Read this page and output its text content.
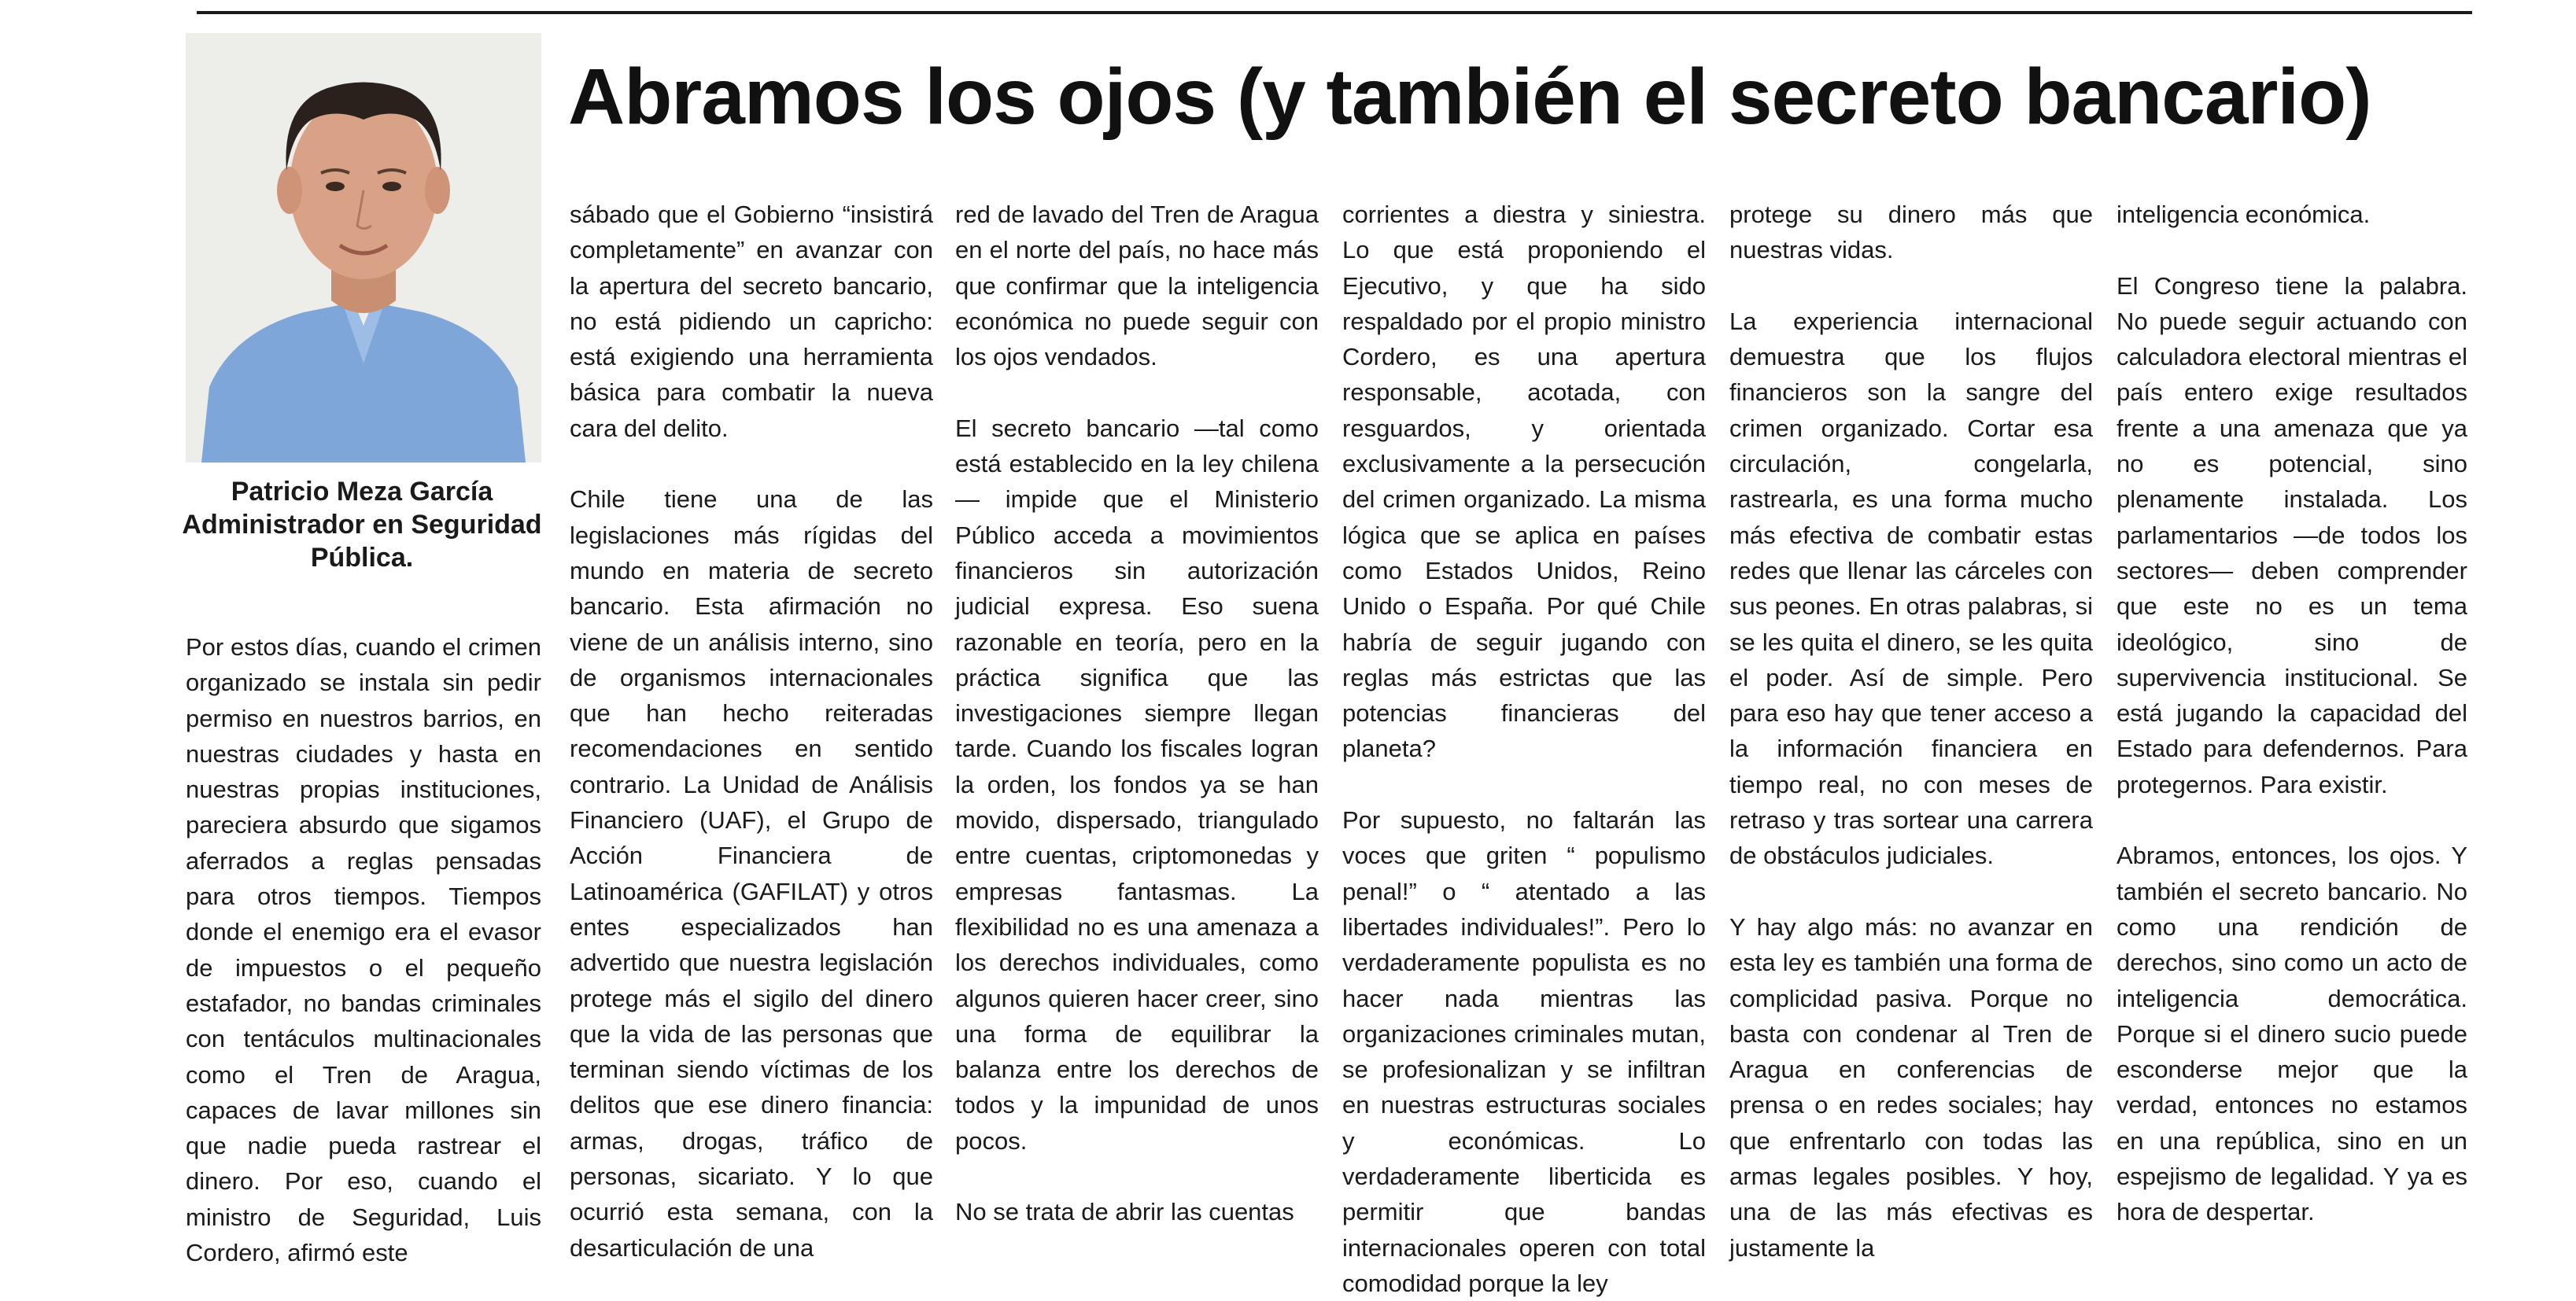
Patricio Meza García
Administrador en Seguridad Pública.
Abramos los ojos (y también el secreto bancario)

Por estos días, cuando el crimen organizado se instala sin pedir permiso en nuestros barrios, en nuestras ciudades y hasta en nuestras propias instituciones, pareciera absurdo que sigamos aferrados a reglas pensadas para otros tiempos. Tiempos donde el enemigo era el evasor de impuestos o el pequeño estafador, no bandas criminales con tentáculos multinacionales como el Tren de Aragua, capaces de lavar millones sin que nadie pueda rastrear el dinero. Por eso, cuando el ministro de Seguridad, Luis Cordero, afirmó este

sábado que el Gobierno “insistirá completamente” en avanzar con la apertura del secreto bancario, no está pidiendo un capricho: está exigiendo una herramienta básica para combatir la nueva cara del delito.

Chile tiene una de las legislaciones más rígidas del mundo en materia de secreto bancario. Esta afirmación no viene de un análisis interno, sino de organismos internacionales que han hecho reiteradas recomendaciones en sentido contrario. La Unidad de Análisis Financiero (UAF), el Grupo de Acción Financiera de Latinoamérica (GAFILAT) y otros entes especializados han advertido que nuestra legislación protege más el sigilo del dinero que la vida de las personas que terminan siendo víctimas de los delitos que ese dinero financia: armas, drogas, tráfico de personas, sicariato. Y lo que ocurrió esta semana, con la desarticulación de una

red de lavado del Tren de Aragua en el norte del país, no hace más que confirmar que la inteligencia económica no puede seguir con los ojos vendados.

El secreto bancario —tal como está establecido en la ley chilena— impide que el Ministerio Público acceda a movimientos financieros sin autorización judicial expresa. Eso suena razonable en teoría, pero en la práctica significa que las investigaciones siempre llegan tarde. Cuando los fiscales logran la orden, los fondos ya se han movido, dispersado, triangulado entre cuentas, criptomonedas y empresas fantasmas. La flexibilidad no es una amenaza a los derechos individuales, como algunos quieren hacer creer, sino una forma de equilibrar la balanza entre los derechos de todos y la impunidad de unos pocos.

No se trata de abrir las cuentas

corrientes a diestra y siniestra. Lo que está proponiendo el Ejecutivo, y que ha sido respaldado por el propio ministro Cordero, es una apertura responsable, acotada, con resguardos, y orientada exclusivamente a la persecución del crimen organizado. La misma lógica que se aplica en países como Estados Unidos, Reino Unido o España. Por qué Chile habría de seguir jugando con reglas más estrictas que las potencias financieras del planeta?

Por supuesto, no faltarán las voces que griten “ populismo penal!” o “ atentado a las libertades individuales!”. Pero lo verdaderamente populista es no hacer nada mientras las organizaciones criminales mutan, se profesionalizan y se infiltran en nuestras estructuras sociales y económicas. Lo verdaderamente liberticida es permitir que bandas internacionales operen con total comodidad porque la ley

protege su dinero más que nuestras vidas.

La experiencia internacional demuestra que los flujos financieros son la sangre del crimen organizado. Cortar esa circulación, congelarla, rastrearla, es una forma mucho más efectiva de combatir estas redes que llenar las cárceles con sus peones. En otras palabras, si se les quita el dinero, se les quita el poder. Así de simple. Pero para eso hay que tener acceso a la información financiera en tiempo real, no con meses de retraso y tras sortear una carrera de obstáculos judiciales.

Y hay algo más: no avanzar en esta ley es también una forma de complicidad pasiva. Porque no basta con condenar al Tren de Aragua en conferencias de prensa o en redes sociales; hay que enfrentarlo con todas las armas legales posibles. Y hoy, una de las más efectivas es justamente la

inteligencia económica.

El Congreso tiene la palabra. No puede seguir actuando con calculadora electoral mientras el país entero exige resultados frente a una amenaza que ya no es potencial, sino plenamente instalada. Los parlamentarios —de todos los sectores— deben comprender que este no es un tema ideológico, sino de supervivencia institucional. Se está jugando la capacidad del Estado para defendernos. Para protegernos. Para existir.

Abramos, entonces, los ojos. Y también el secreto bancario. No como una rendición de derechos, sino como un acto de inteligencia democrática. Porque si el dinero sucio puede esconderse mejor que la verdad, entonces no estamos en una república, sino en un espejismo de legalidad. Y ya es hora de despertar.
